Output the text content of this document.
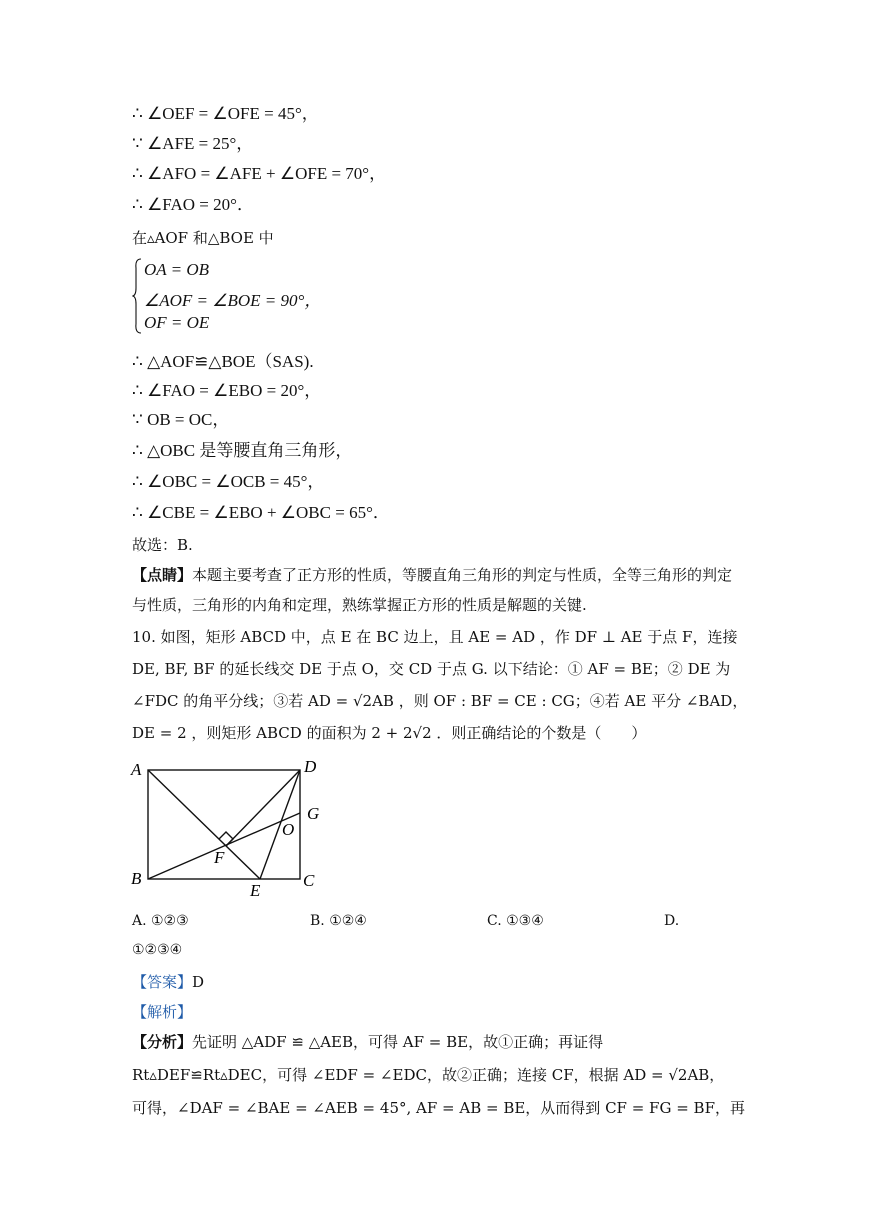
∴ ∠OEF = ∠OFE = 45°，
∵ ∠AFE = 25°，
∴ ∠AFO = ∠AFE + ∠OFE = 70°，
∴ ∠FAO = 20°．
在▵AOF 和△BOE 中
OA = OB
∠AOF = ∠BOE = 90°，
OF = OE
∴ △AOF≌△BOE（SAS).
∴ ∠FAO = ∠EBO = 20°，
∵ OB = OC，
∴ △OBC 是等腰直角三角形，
∴ ∠OBC = ∠OCB = 45°，
∴ ∠CBE = ∠EBO + ∠OBC = 65°．
故选：B.
【点睛】本题主要考查了正方形的性质，等腰直角三角形的判定与性质，全等三角形的判定
与性质，三角形的内角和定理，熟练掌握正方形的性质是解题的关键.
10. 如图，矩形 ABCD 中，点 E 在 BC 边上，且 AE = AD ，作 DF ⊥ AE 于点 F，连接
DE, BF, BF 的延长线交 DE 于点 O，交 CD 于点 G. 以下结论：① AF = BE；② DE 为
∠FDC 的角平分线；③若 AD = √2AB ，则 OF : BF = CE : CG；④若 AE 平分 ∠BAD，
DE = 2 ，则矩形 ABCD 的面积为 2 + 2√2 ．则正确结论的个数是（　　）
A	D
G
O
F
B
E
C
A. ①②③	B. ①②④	C. ①③④	D.
①②③④
【答案】D
【解析】
【分析】先证明 △ADF ≌ △AEB，可得 AF = BE，故①正确；再证得
Rt▵DEF≌Rt▵DEC，可得 ∠EDF = ∠EDC，故②正确；连接 CF，根据 AD = √2AB，
可得，∠DAF = ∠BAE = ∠AEB = 45°, AF = AB = BE，从而得到 CF = FG = BF，再
